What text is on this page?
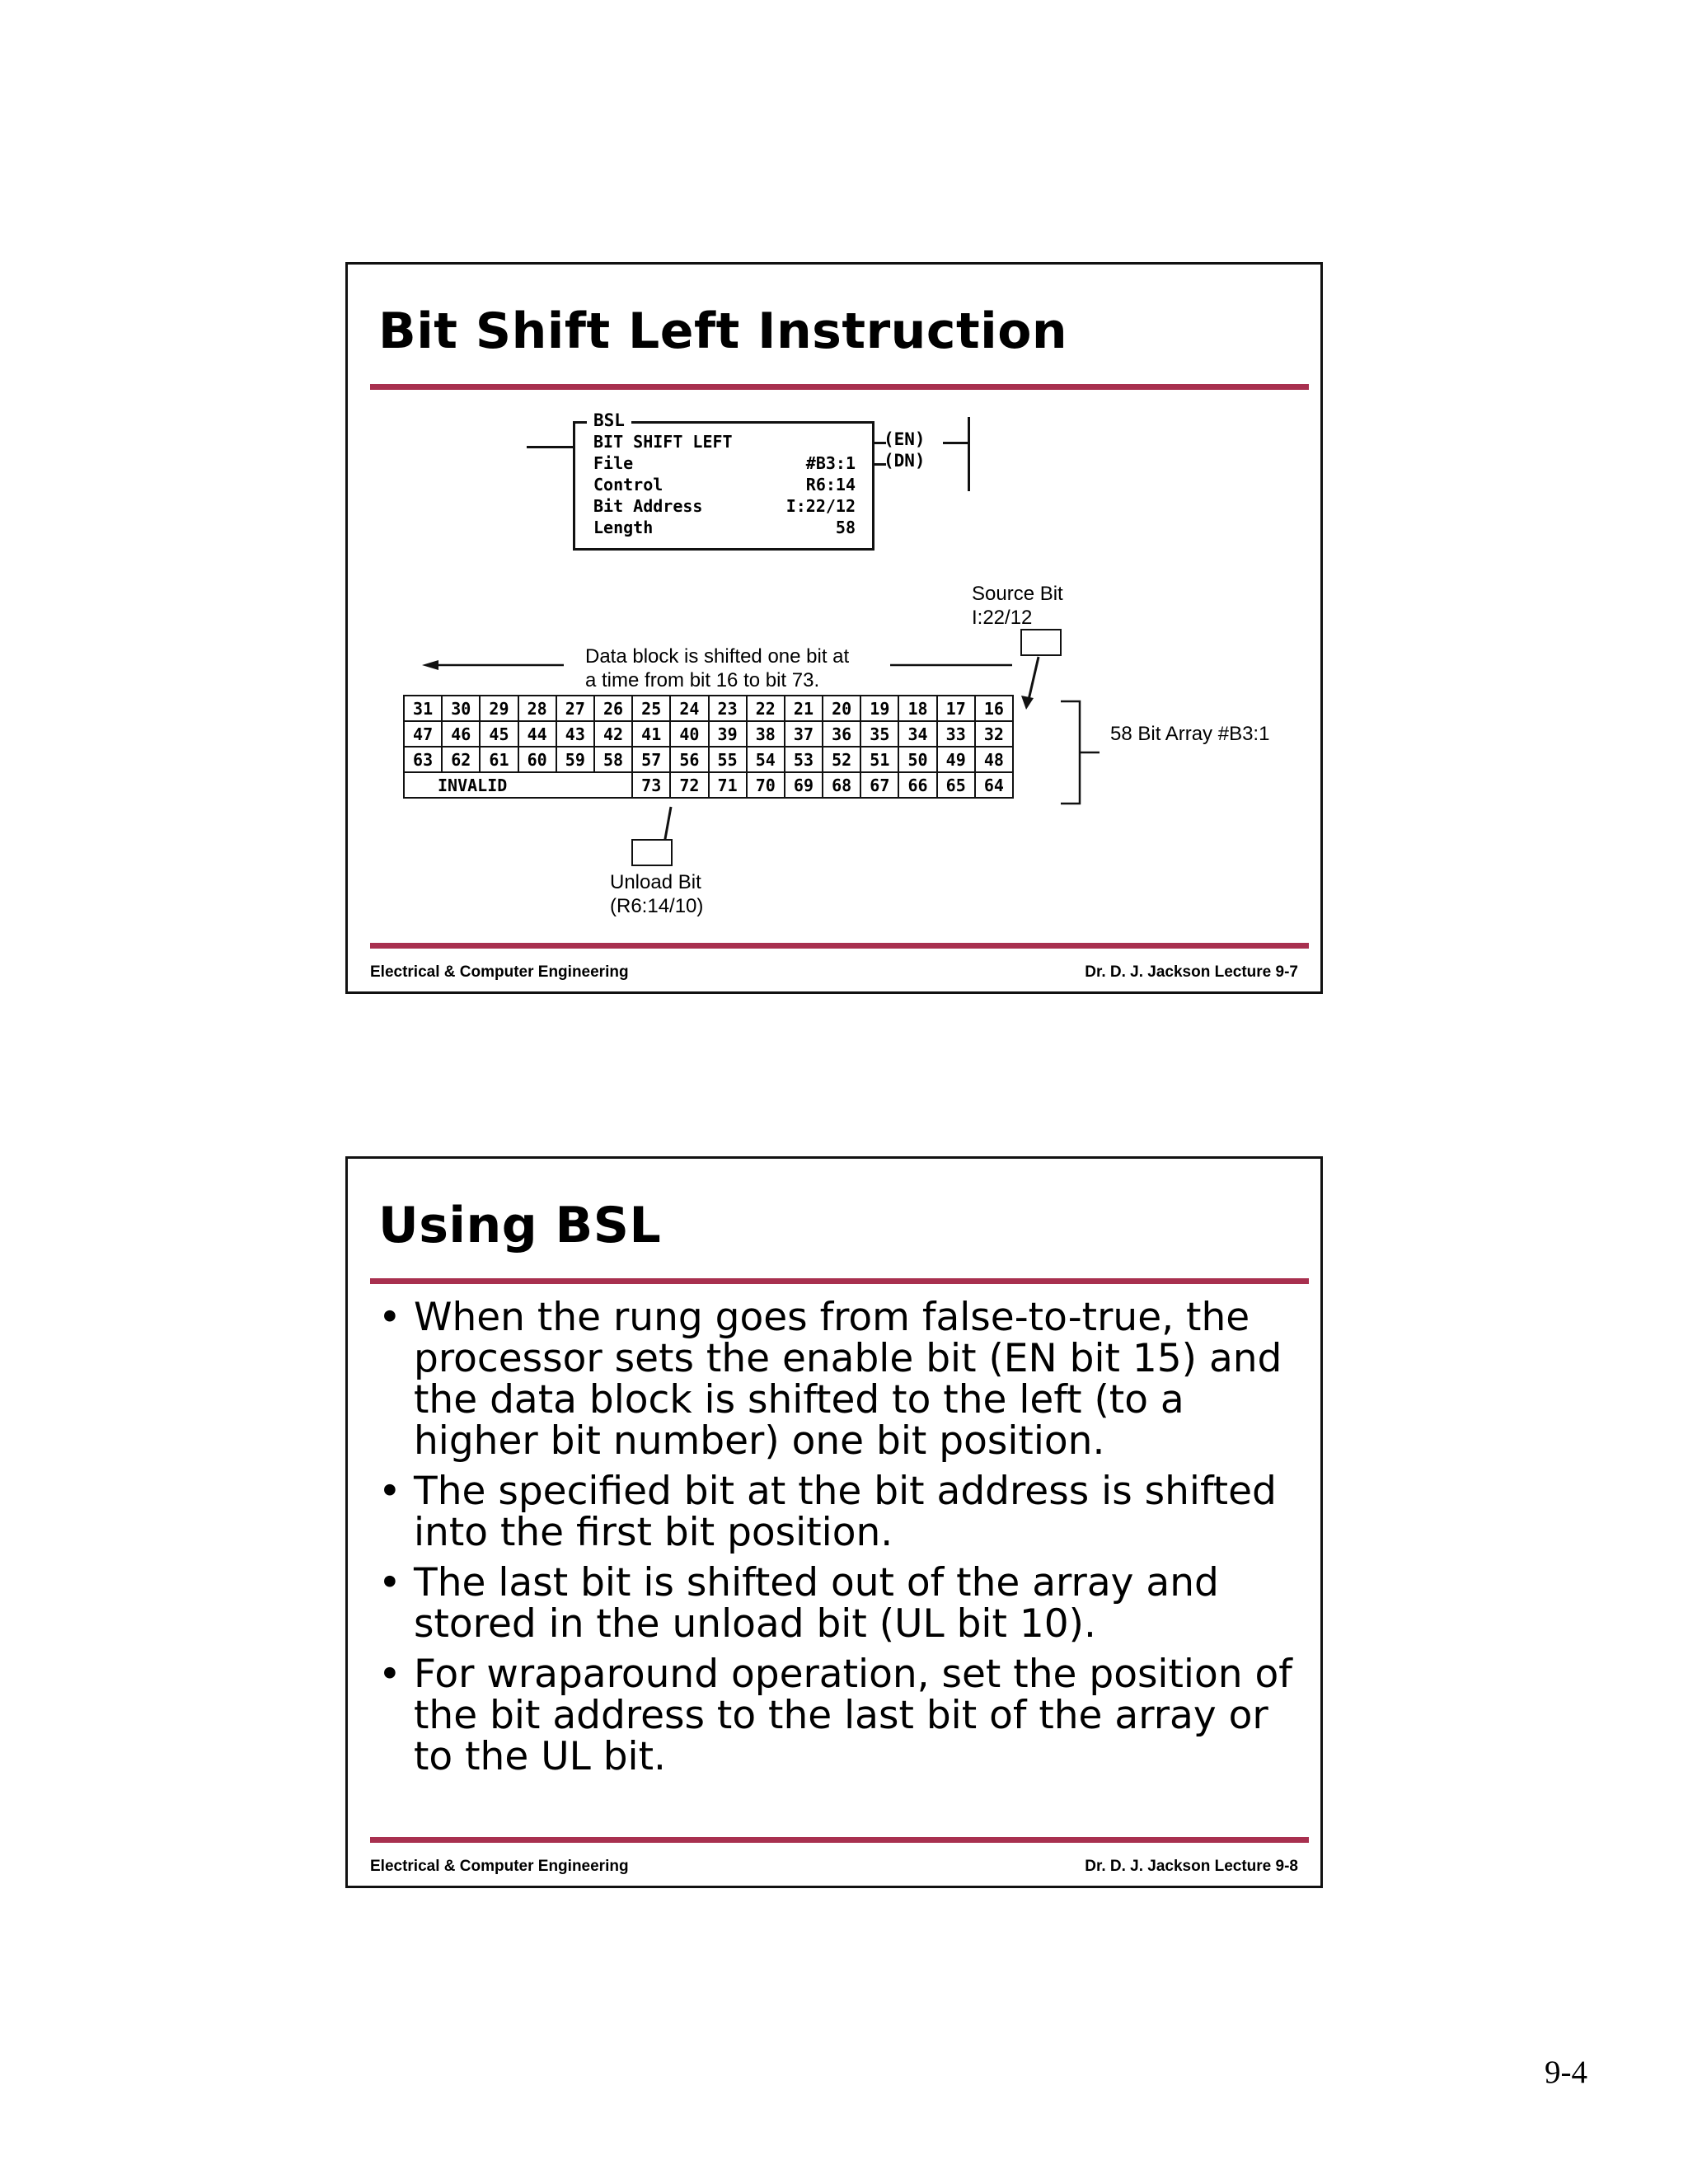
Bit Shift Left Instruction
BSL
BIT SHIFT LEFT
File	#B3:1
Control	R6:14
Bit Address	I:22/12
Length	58
(EN)
(DN)
Source Bit
I:22/12
Data block is shifted one bit at
a time from bit 16 to bit 73.
31	30	29	28	27	26	25	24	23	22	21	20	19	18	17	16
47	46	45	44	43	42	41	40	39	38	37	36	35	34	33	32
63	62	61	60	59	58	57	56	55	54	53	52	51	50	49	48
INVALID						73	72	71	70	69	68	67	66	65	64
58 Bit Array #B3:1
Unload Bit
(R6:14/10)
Electrical & Computer Engineering	Dr. D. J. Jackson Lecture 9-7
Using BSL
• When the rung goes from false-to-true, the processor sets the enable bit (EN bit 15) and the data block is shifted to the left (to a higher bit number) one bit position.
• The specified bit at the bit address is shifted into the first bit position.
• The last bit is shifted out of the array and stored in the unload bit (UL bit 10).
• For wraparound operation, set the position of the bit address to the last bit of the array or to the UL bit.
Electrical & Computer Engineering	Dr. D. J. Jackson Lecture 9-8
9-4
